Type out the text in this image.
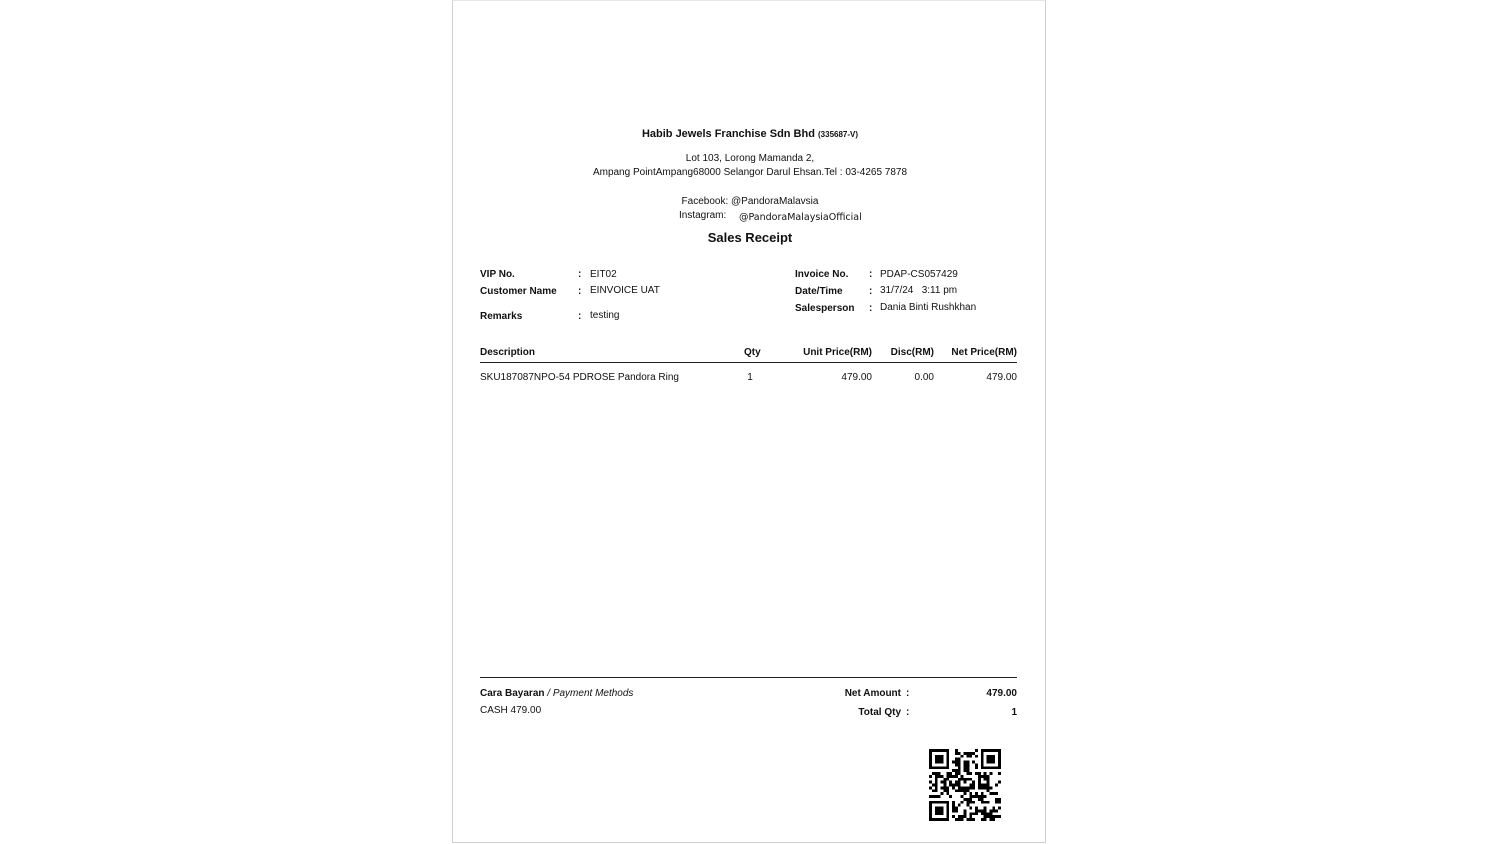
Habib Jewels Franchise Sdn Bhd (335687-V)
Lot 103, Lorong Mamanda 2,
Ampang PointAmpang68000 Selangor Darul Ehsan.Tel : 03-4265 7878
Facebook: @PandoraMalavsia
Instagram: @PandoraMalaysiaOfficial
Sales Receipt
VIP No.	: EIT02
Customer Name : EINVOICE UAT
Remarks	: testing
Invoice No. : PDAP-CS057429
Date/Time	: 31/7/24   3:11 pm
Salesperson : Dania Binti Rushkhan
Description	Qty	Unit Price(RM)	Disc(RM)	Net Price(RM)
SKU187087NPO-54 PDROSE Pandora Ring	1	479.00	0.00	479.00
Cara Bayaran / Payment Methods
CASH 479.00
Net Amount :	479.00
Total Qty :	1
